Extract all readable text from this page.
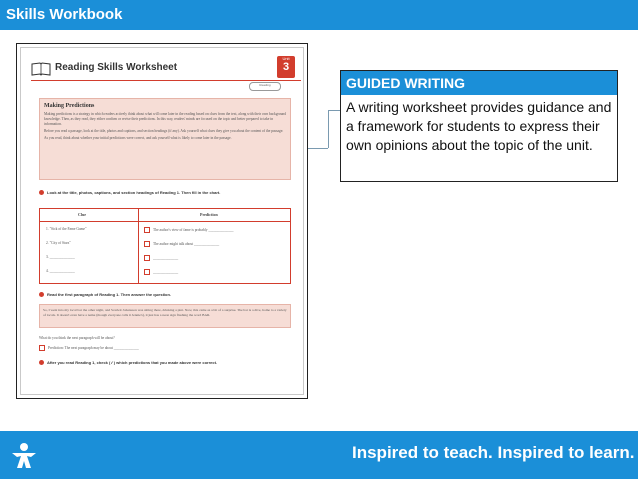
Skills Workbook
Reading Skills Worksheet
Unit
3
Reading
Making Predictions

Making predictions is a strategy in which readers actively think about what will come later in the reading based on clues from the text, along with their own background knowledge. Then, as they read, they either confirm or revise their predictions. In this way, readers' minds are focused on the topic and better prepared to take in information.

Before you read a passage, look at the title, photos and captions, and section headings (if any). Ask yourself what clues they give you about the content of the passage.

As you read, think about whether your initial predictions were correct, and ask yourself what is likely to come later in the passage.

Look at the title, photos, captions, and section headings of Reading 1. Then fill in the chart.
Clue	Prediction
1. "Sick of the Fame Game"	The author's view of fame is probably ______________
2. "City of Stars"	The author might talk about ______________
3. ______________	______________
4. ______________	______________
Read the first paragraph of Reading 1. Then answer the question.
So, I went into my local bar the other night, and Scarlett Johansson was sitting there, drinking a pint. Now, this came as a bit of a surprise. The bar is a dive, home to a variety of locals. It doesn't even have a name (though everyone calls it Jennie's), it just has a neon sign flashing the word BAR.
What do you think the next paragraph will be about?
Prediction: The next paragraph may be about ______________
After you read Reading 1, check (✓) which predictions that you made above were correct.
GUIDED WRITING
A writing worksheet provides guidance and a framework for students to express their own opinions about the topic of the unit.
Inspired to teach. Inspired to learn.
